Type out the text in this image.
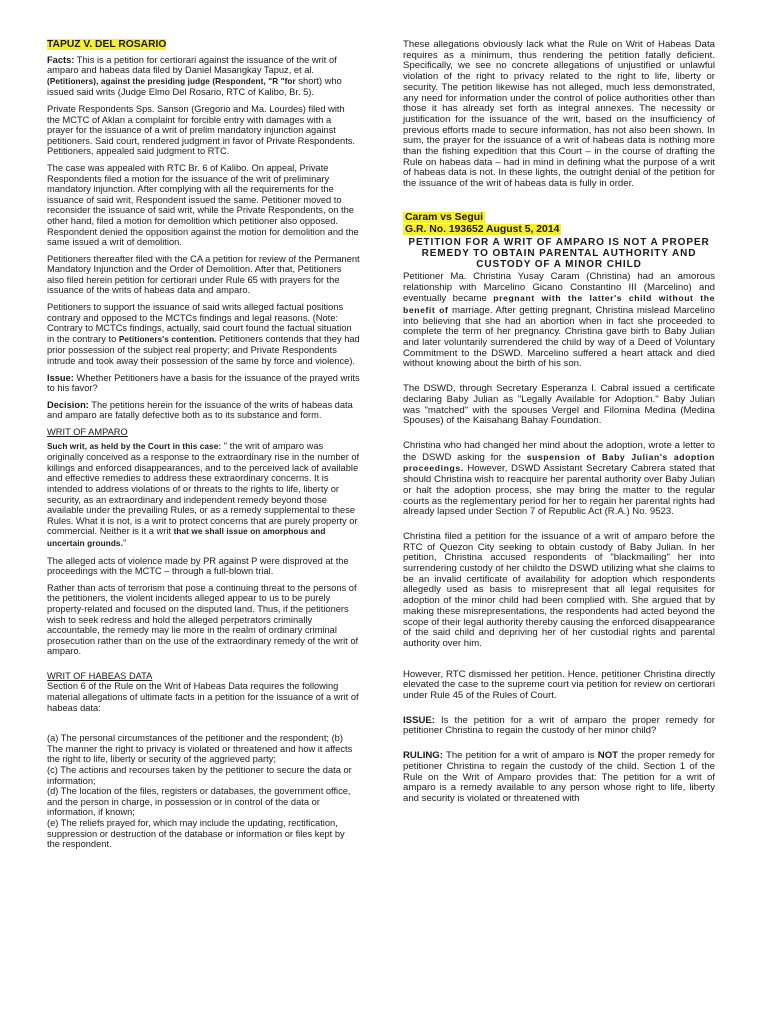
TAPUZ V. DEL ROSARIO

Facts: This is a petition for certiorari against the issuance of the writ of amparo and habeas data filed by Daniel Masangkay Tapuz, et al.(Petitioners), against the presiding judge (Respondent, "R "for short) who issued said writs (Judge Elmo Del Rosario, RTC of Kalibo, Br. 5).

Private Respondents Sps. Sanson (Gregorio and Ma. Lourdes) filed with the MCTC of Aklan a complaint for forcible entry with damages with a prayer for the issuance of a writ of prelim mandatory injunction against petitioners. Said court, rendered judgment in favor of Private Respondents. Petitioners, appealed said judgment to RTC.

The case was appealed with RTC Br. 6 of Kalibo. On appeal, Private Respondents filed a motion for the issuance of the writ of preliminary mandatory injunction. After complying with all the requirements for the issuance of said writ, Respondent issued the same. Petitioner moved to reconsider the issuance of said writ, while the Private Respondents, on the other hand, filed a motion for demolition which petitioner also opposed. Respondent denied the opposition against the motion for demolition and the same issued a writ of demolition.

Petitioners thereafter filed with the CA a petition for review of the Permanent Mandatory Injunction and the Order of Demolition. After that, Petitioners also filed herein petition for certiorari under Rule 65 with prayers for the issuance of the writs of habeas data and amparo.

Petitioners to support the issuance of said writs alleged factual positions contrary and opposed to the MCTCs findings and legal reasons. (Note: Contrary to MCTCs findings, actually, said court found the factual situation in the contrary to Petitioners's contention. Petitioners contends that they had prior possession of the subject real property; and Private Respondents intrude and took away their possession of the same by force and violence).

Issue: Whether Petitioners have a basis for the issuance of the prayed writs to his favor?

Decision: The petitions herein for the issuance of the writs of habeas data and amparo are fatally defective both as to its substance and form.

WRIT OF AMPARO

Such writ, as held by the Court in this case: " the writ of amparo was originally conceived as a response to the extraordinary rise in the number of killings and enforced disappearances, and to the perceived lack of available and effective remedies to address these extraordinary concerns. It is intended to address violations of or threats to the rights to life, liberty or security, as an extraordinary and independent remedy beyond those available under the prevailing Rules, or as a remedy supplemental to these Rules. What it is not, is a writ to protect concerns that are purely property or commercial. Neither is it a writ that we shall issue on amorphous and uncertain grounds."

The alleged acts of violence made by PR against P were disproved at the proceedings with the MCTC – through a full-blown trial.

Rather than acts of terrorism that pose a continuing threat to the persons of the petitioners, the violent incidents alleged appear to us to be purely property-related and focused on the disputed land. Thus, if the petitioners wish to seek redress and hold the alleged perpetrators criminally accountable, the remedy may lie more in the realm of ordinary criminal prosecution rather than on the use of the extraordinary remedy of the writ of amparo.

WRIT OF HABEAS DATA

Section 6 of the Rule on the Writ of Habeas Data requires the following material allegations of ultimate facts in a petition for the issuance of a writ of habeas data:

(a) The personal circumstances of the petitioner and the respondent; (b) The manner the right to privacy is violated or threatened and how it affects the right to life, liberty or security of the aggrieved party;

(c) The actions and recourses taken by the petitioner to secure the data or information;

(d) The location of the files, registers or databases, the government office, and the person in charge, in possession or in control of the data or information, if known;

(e) The reliefs prayed for, which may include the updating, rectification, suppression or destruction of the database or information or files kept by the respondent.

These allegations obviously lack what the Rule on Writ of Habeas Data requires as a minimum, thus rendering the petition fatally deficient. Specifically, we see no concrete allegations of unjustified or unlawful violation of the right to privacy related to the right to life, liberty or security. The petition likewise has not alleged, much less demonstrated, any need for information under the control of police authorities other than those it has already set forth as integral annexes. The necessity or justification for the issuance of the writ, based on the insufficiency of previous efforts made to secure information, has not also been shown. In sum, the prayer for the issuance of a writ of habeas data is nothing more than the fishing expedition that this Court – in the course of drafting the Rule on habeas data – had in mind in defining what the purpose of a writ of habeas data is not. In these lights, the outright denial of the petition for the issuance of the writ of habeas data is fully in order.

Caram vs Segui

G.R. No. 193652 August 5, 2014

PETITION FOR A WRIT OF AMPARO IS NOT A PROPER REMEDY TO OBTAIN PARENTAL AUTHORITY AND CUSTODY OF A MINOR CHILD

Petitioner Ma. Christina Yusay Caram (Christina) had an amorous relationship with Marcelino Gicano Constantino III (Marcelino) and eventually became pregnant with the latter's child without the benefit of marriage. After getting pregnant, Christina mislead Marcelino into believing that she had an abortion when in fact she proceeded to complete the term of her pregnancy. Christina gave birth to Baby Julian and later voluntarily surrendered the child by way of a Deed of Voluntary Commitment to the DSWD. Marcelino suffered a heart attack and died without knowing about the birth of his son.

The DSWD, through Secretary Esperanza I. Cabral issued a certificate declaring Baby Julian as "Legally Available for Adoption." Baby Julian was "matched" with the spouses Vergel and Filomina Medina (Medina Spouses) of the Kaisahang Bahay Foundation.

Christina who had changed her mind about the adoption, wrote a letter to the DSWD asking for the suspension of Baby Julian's adoption proceedings. However, DSWD Assistant Secretary Cabrera stated that should Christina wish to reacquire her parental authority over Baby Julian or halt the adoption process, she may bring the matter to the regular courts as the reglementary period for her to regain her parental rights had already lapsed under Section 7 of Republic Act (R.A.) No. 9523.

Christina filed a petition for the issuance of a writ of amparo before the RTC of Quezon City seeking to obtain custody of Baby Julian. In her petition, Christina accused respondents of "blackmailing" her into surrendering custody of her childto the DSWD utilizing what she claims to be an invalid certificate of availability for adoption which respondents allegedly used as basis to misrepresent that all legal requisites for adoption of the minor child had been complied with. She argued that by making these misrepresentations, the respondents had acted beyond the scope of their legal authority thereby causing the enforced disappearance of the said child and depriving her of her custodial rights and parental authority over him.

However, RTC dismissed her petition. Hence, petitioner Christina directly elevated the case to the supreme court via petition for review on certiorari under Rule 45 of the Rules of Court.

ISSUE: Is the petition for a writ of amparo the proper remedy for petitioner Christina to regain the custody of her minor child?

RULING: The petition for a writ of amparo is NOT the proper remedy for petitioner Christina to regain the custody of the child. Section 1 of the Rule on the Writ of Amparo provides that: The petition for a writ of amparo is a remedy available to any person whose right to life, liberty and security is violated or threatened with
